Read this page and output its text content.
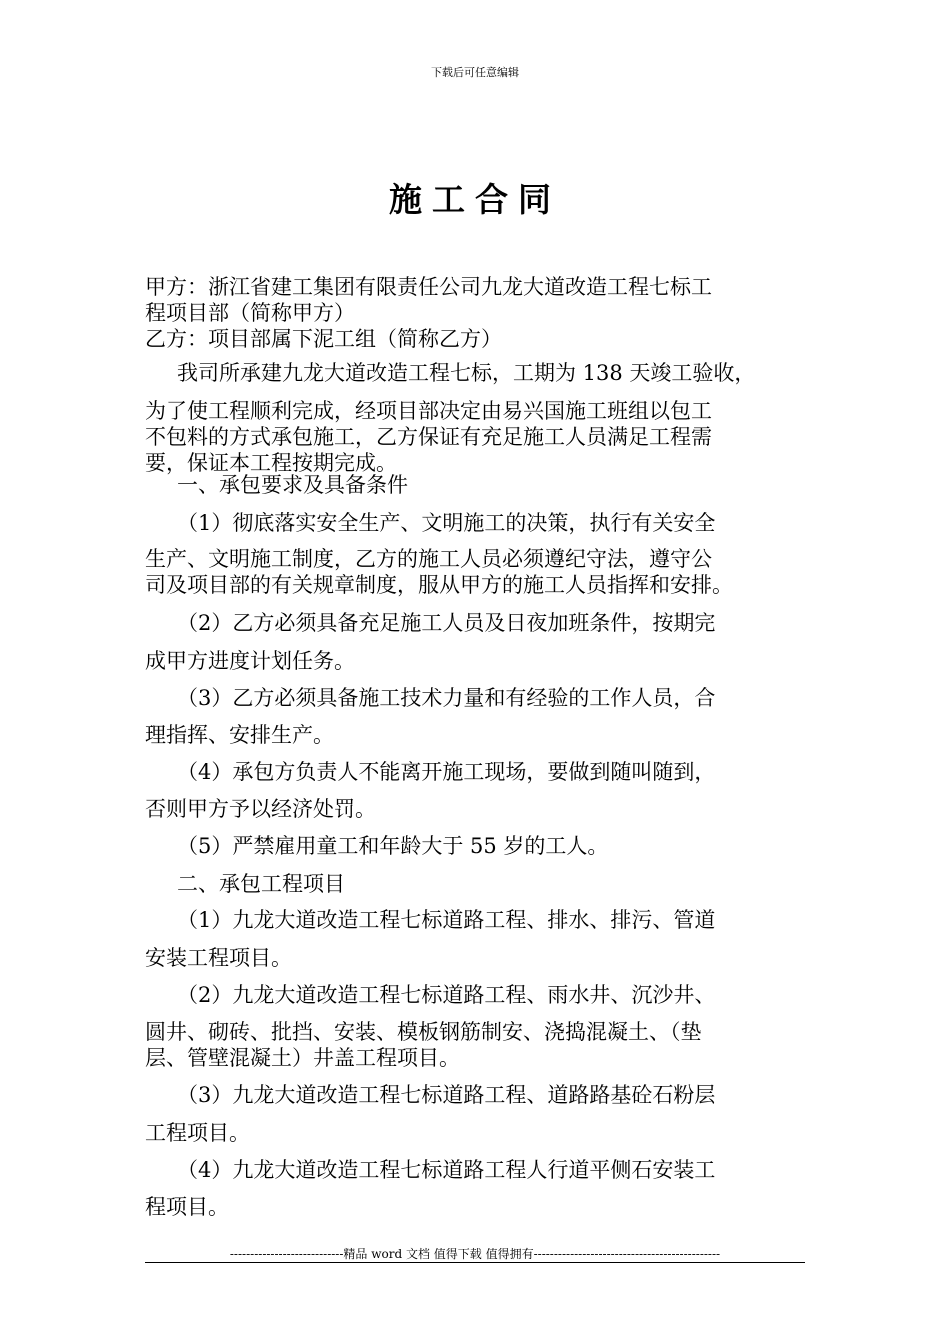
下载后可任意编辑
施工合同
甲方：浙江省建工集团有限责任公司九龙大道改造工程七标工
程项目部（简称甲方）
乙方：项目部属下泥工组（简称乙方）
我司所承建九龙大道改造工程七标，工期为 138 天竣工验收，
为了使工程顺利完成，经项目部决定由易兴国施工班组以包工
不包料的方式承包施工，乙方保证有充足施工人员满足工程需
要，保证本工程按期完成。
一、承包要求及具备条件
（1）彻底落实安全生产、文明施工的决策，执行有关安全
生产、文明施工制度，乙方的施工人员必须遵纪守法，遵守公
司及项目部的有关规章制度，服从甲方的施工人员指挥和安排。
（2）乙方必须具备充足施工人员及日夜加班条件，按期完
成甲方进度计划任务。
（3）乙方必须具备施工技术力量和有经验的工作人员，合
理指挥、安排生产。
（4）承包方负责人不能离开施工现场，要做到随叫随到，
否则甲方予以经济处罚。
（5）严禁雇用童工和年龄大于 55 岁的工人。
二、承包工程项目
（1）九龙大道改造工程七标道路工程、排水、排污、管道
安装工程项目。
（2）九龙大道改造工程七标道路工程、雨水井、沉沙井、
圆井、砌砖、批挡、安装、模板钢筋制安、浇捣混凝土、（垫
层、管壁混凝土）井盖工程项目。
（3）九龙大道改造工程七标道路工程、道路路基砼石粉层
工程项目。
（4）九龙大道改造工程七标道路工程人行道平侧石安装工
程项目。
----------------------------精品 word 文档 值得下载 值得拥有----------------------------------------------
